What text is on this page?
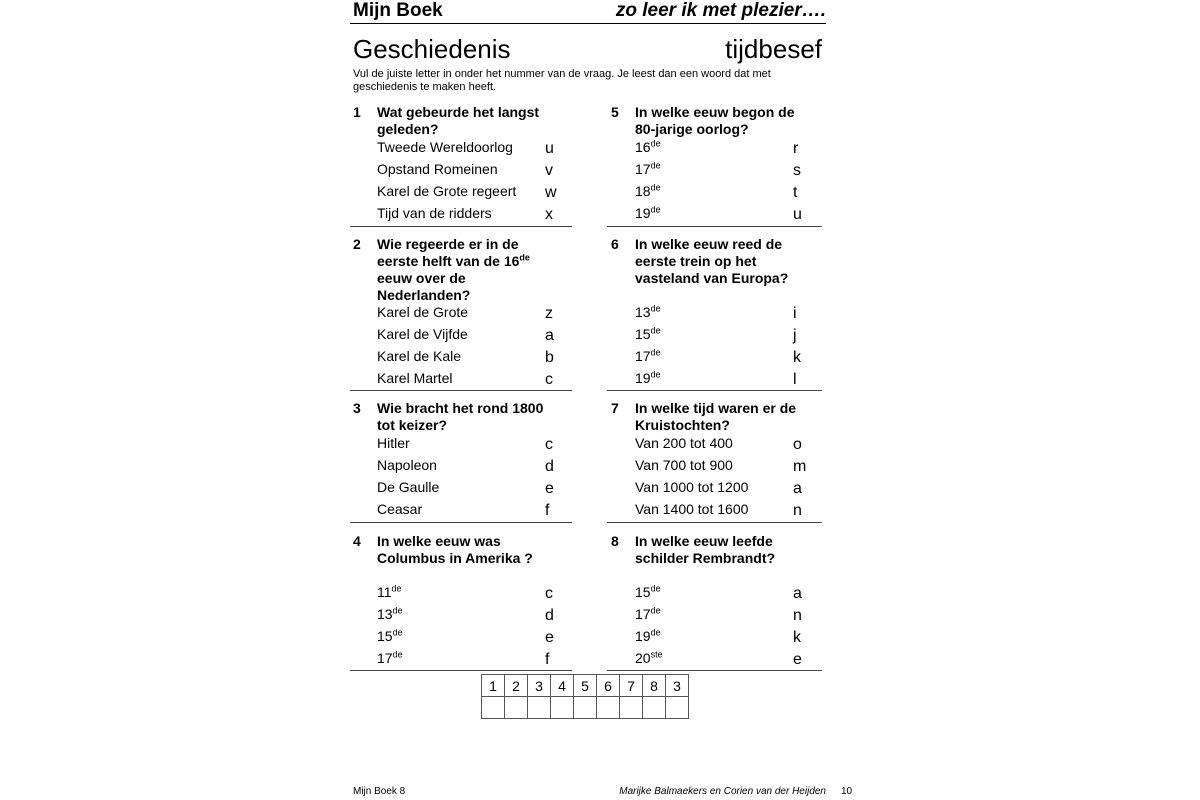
Mijn Boek	zo leer ik met plezier….
Geschiedenis	tijdbesef
Vul de juiste letter in onder het nummer van de vraag. Je leest dan een woord dat met geschiedenis te maken heeft.
1 Wat gebeurde het langst geleden?
Tweede Wereldoorlog u
Opstand Romeinen	v
Karel de Grote regeert w
Tijd van de ridders	x
2 Wie regeerde er in de eerste helft van de 16de eeuw over de Nederlanden?
Karel de Grote	z
Karel de Vijfde	a
Karel de Kale	b
Karel Martel	c
3 Wie bracht het rond 1800 tot keizer?
Hitler	c
Napoleon	d
De Gaulle	e
Ceasar	f
4 In welke eeuw was Columbus in Amerika ?
11de	c
13de	d
15de	e
17de	f
5 In welke eeuw begon de 80-jarige oorlog?
16de	r
17de	s
18de	t
19de	u
6 In welke eeuw reed de eerste trein op het vasteland van Europa?
13de	i
15de	j
17de	k
19de	l
7 In welke tijd waren er de Kruistochten?
Van 200 tot 400	o
Van 700 tot 900	m
Van 1000 tot 1200	a
Van 1400 tot 1600	n
8 In welke eeuw leefde schilder Rembrandt?
15de	a
17de	n
19de	k
20ste	e
1	2	3	4	5	6	7	8	3

Mijn Boek 8	Marijke Balmaekers en Corien van der Heijden 10
